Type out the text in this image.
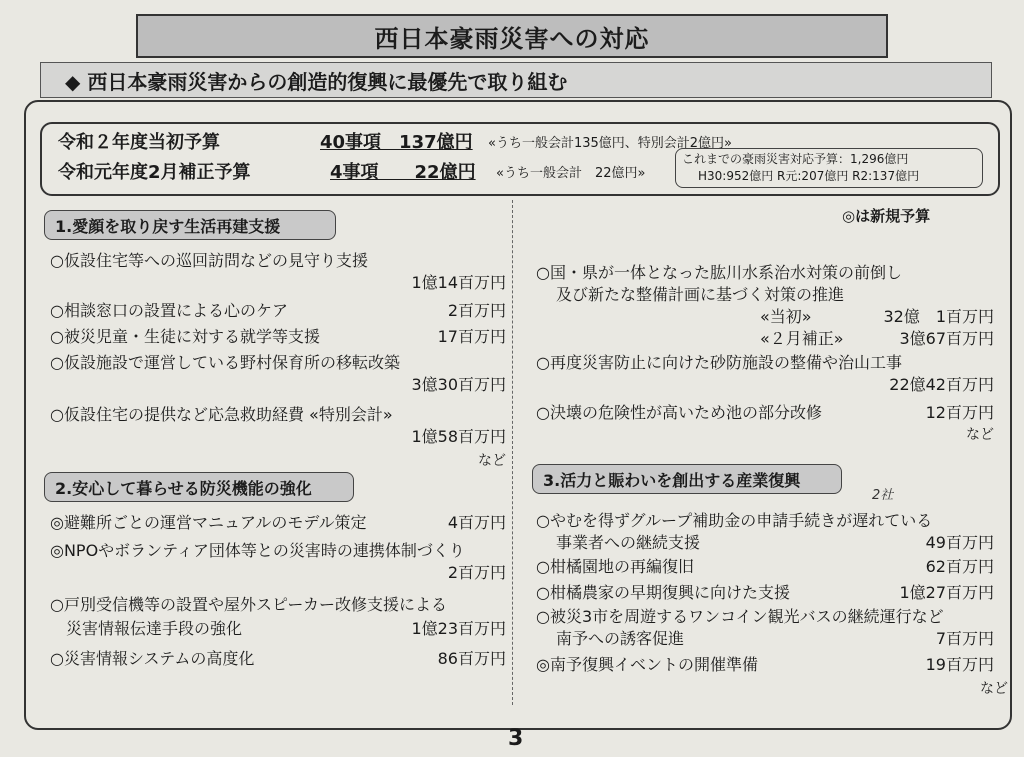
西日本豪雨災害への対応
◆ 西日本豪雨災害からの創造的復興に最優先で取り組む
令和２年度当初予算	40事項　137億円 «うち一般会計135億円、特別会計2億円»
令和元年度2月補正予算	4事項　　22億円 «うち一般会計　22億円»
これまでの豪雨災害対応予算：1,296億円
H30:952億円 R元:207億円 R2:137億円
1.愛顔を取り戻す生活再建支援
○仮設住宅等への巡回訪問などの見守り支援
1億14百万円
○相談窓口の設置による心のケア	2百万円
○被災児童・生徒に対する就学等支援	17百万円
○仮設施設で運営している野村保育所の移転改築
3億30百万円
○仮設住宅の提供など応急救助経費 «特別会計»
1億58百万円
など
2.安心して暮らせる防災機能の強化
◎避難所ごとの運営マニュアルのモデル策定	4百万円
◎NPOやボランティア団体等との災害時の連携体制づくり
2百万円
○戸別受信機等の設置や屋外スピーカー改修支援による
災害情報伝達手段の強化	1億23百万円
○災害情報システムの高度化	86百万円
◎は新規予算
○国・県が一体となった肱川水系治水対策の前倒し
及び新たな整備計画に基づく対策の推進
«当初»	32億　1百万円
«２月補正»	3億67百万円
○再度災害防止に向けた砂防施設の整備や治山工事
22億42百万円
○決壊の危険性が高いため池の部分改修	12百万円
など
3.活力と賑わいを創出する産業復興
2社
○やむを得ずグループ補助金の申請手続きが遅れている
事業者への継続支援	49百万円
○柑橘園地の再編復旧	62百万円
○柑橘農家の早期復興に向けた支援	1億27百万円
○被災3市を周遊するワンコイン観光バスの継続運行など
南予への誘客促進	7百万円
◎南予復興イベントの開催準備	19百万円
など
3
